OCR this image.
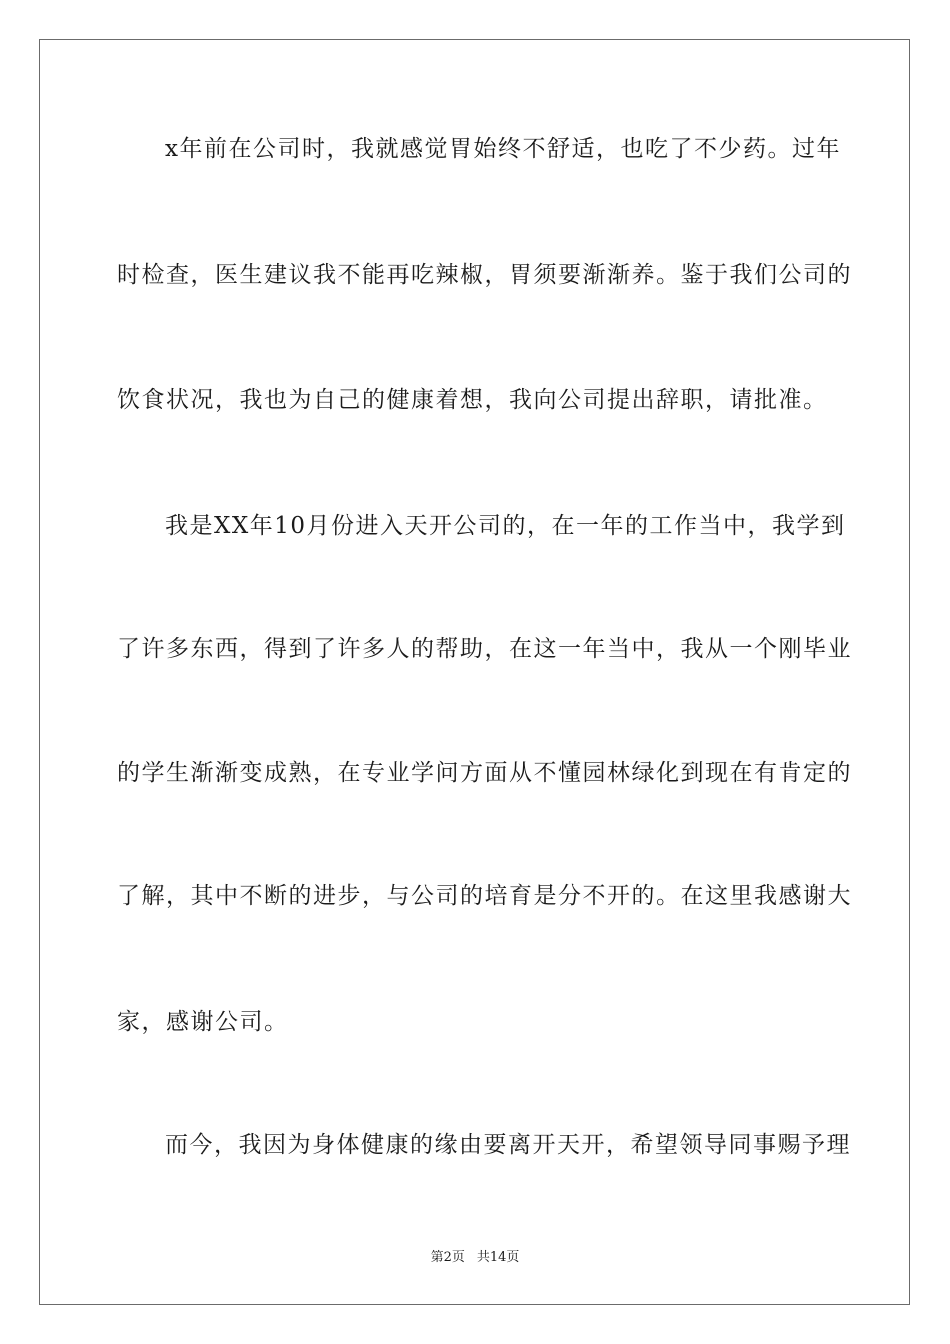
x年前在公司时，我就感觉胃始终不舒适，也吃了不少药。过年
时检查，医生建议我不能再吃辣椒，胃须要渐渐养。鉴于我们公司的
饮食状况，我也为自己的健康着想，我向公司提出辞职，请批准。
我是XX年10月份进入天开公司的，在一年的工作当中，我学到
了许多东西，得到了许多人的帮助，在这一年当中，我从一个刚毕业
的学生渐渐变成熟，在专业学问方面从不懂园林绿化到现在有肯定的
了解，其中不断的进步，与公司的培育是分不开的。在这里我感谢大
家，感谢公司。
而今，我因为身体健康的缘由要离开天开，希望领导同事赐予理
第2页 共14页
